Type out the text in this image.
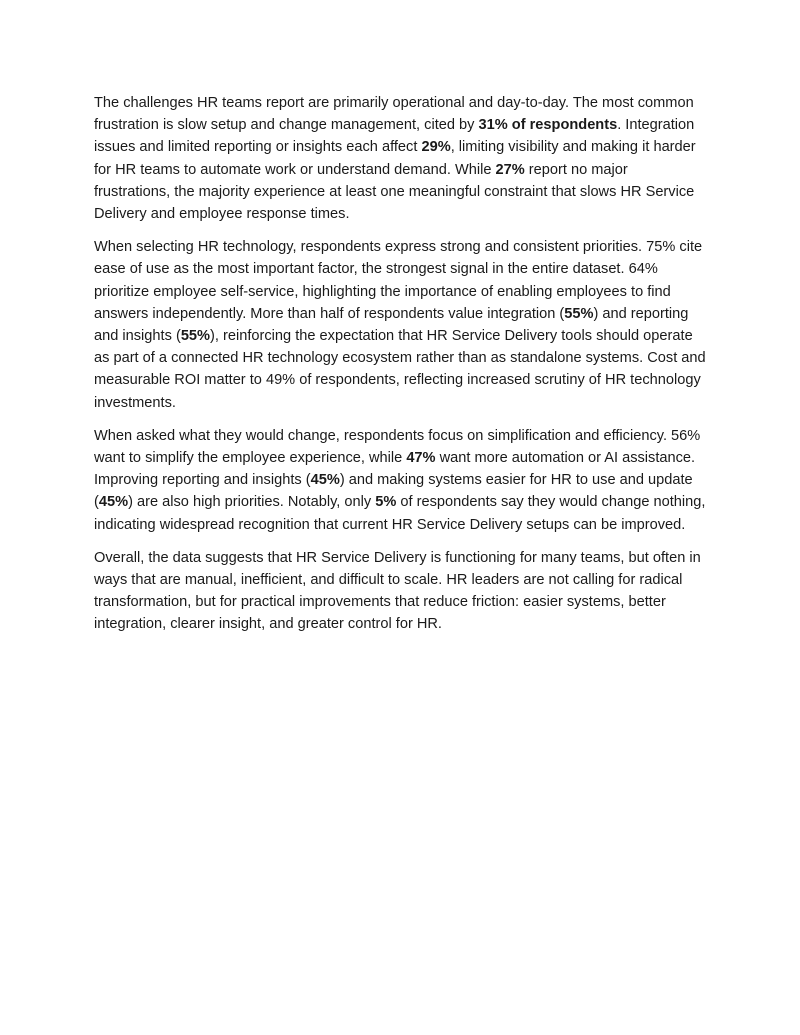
The challenges HR teams report are primarily operational and day-to-day. The most common frustration is slow setup and change management, cited by 31% of respondents. Integration issues and limited reporting or insights each affect 29%, limiting visibility and making it harder for HR teams to automate work or understand demand. While 27% report no major frustrations, the majority experience at least one meaningful constraint that slows HR Service Delivery and employee response times.

When selecting HR technology, respondents express strong and consistent priorities. 75% cite ease of use as the most important factor, the strongest signal in the entire dataset. 64% prioritize employee self-service, highlighting the importance of enabling employees to find answers independently. More than half of respondents value integration (55%) and reporting and insights (55%), reinforcing the expectation that HR Service Delivery tools should operate as part of a connected HR technology ecosystem rather than as standalone systems. Cost and measurable ROI matter to 49% of respondents, reflecting increased scrutiny of HR technology investments.

When asked what they would change, respondents focus on simplification and efficiency. 56% want to simplify the employee experience, while 47% want more automation or AI assistance. Improving reporting and insights (45%) and making systems easier for HR to use and update (45%) are also high priorities. Notably, only 5% of respondents say they would change nothing, indicating widespread recognition that current HR Service Delivery setups can be improved.

Overall, the data suggests that HR Service Delivery is functioning for many teams, but often in ways that are manual, inefficient, and difficult to scale. HR leaders are not calling for radical transformation, but for practical improvements that reduce friction: easier systems, better integration, clearer insight, and greater control for HR.
